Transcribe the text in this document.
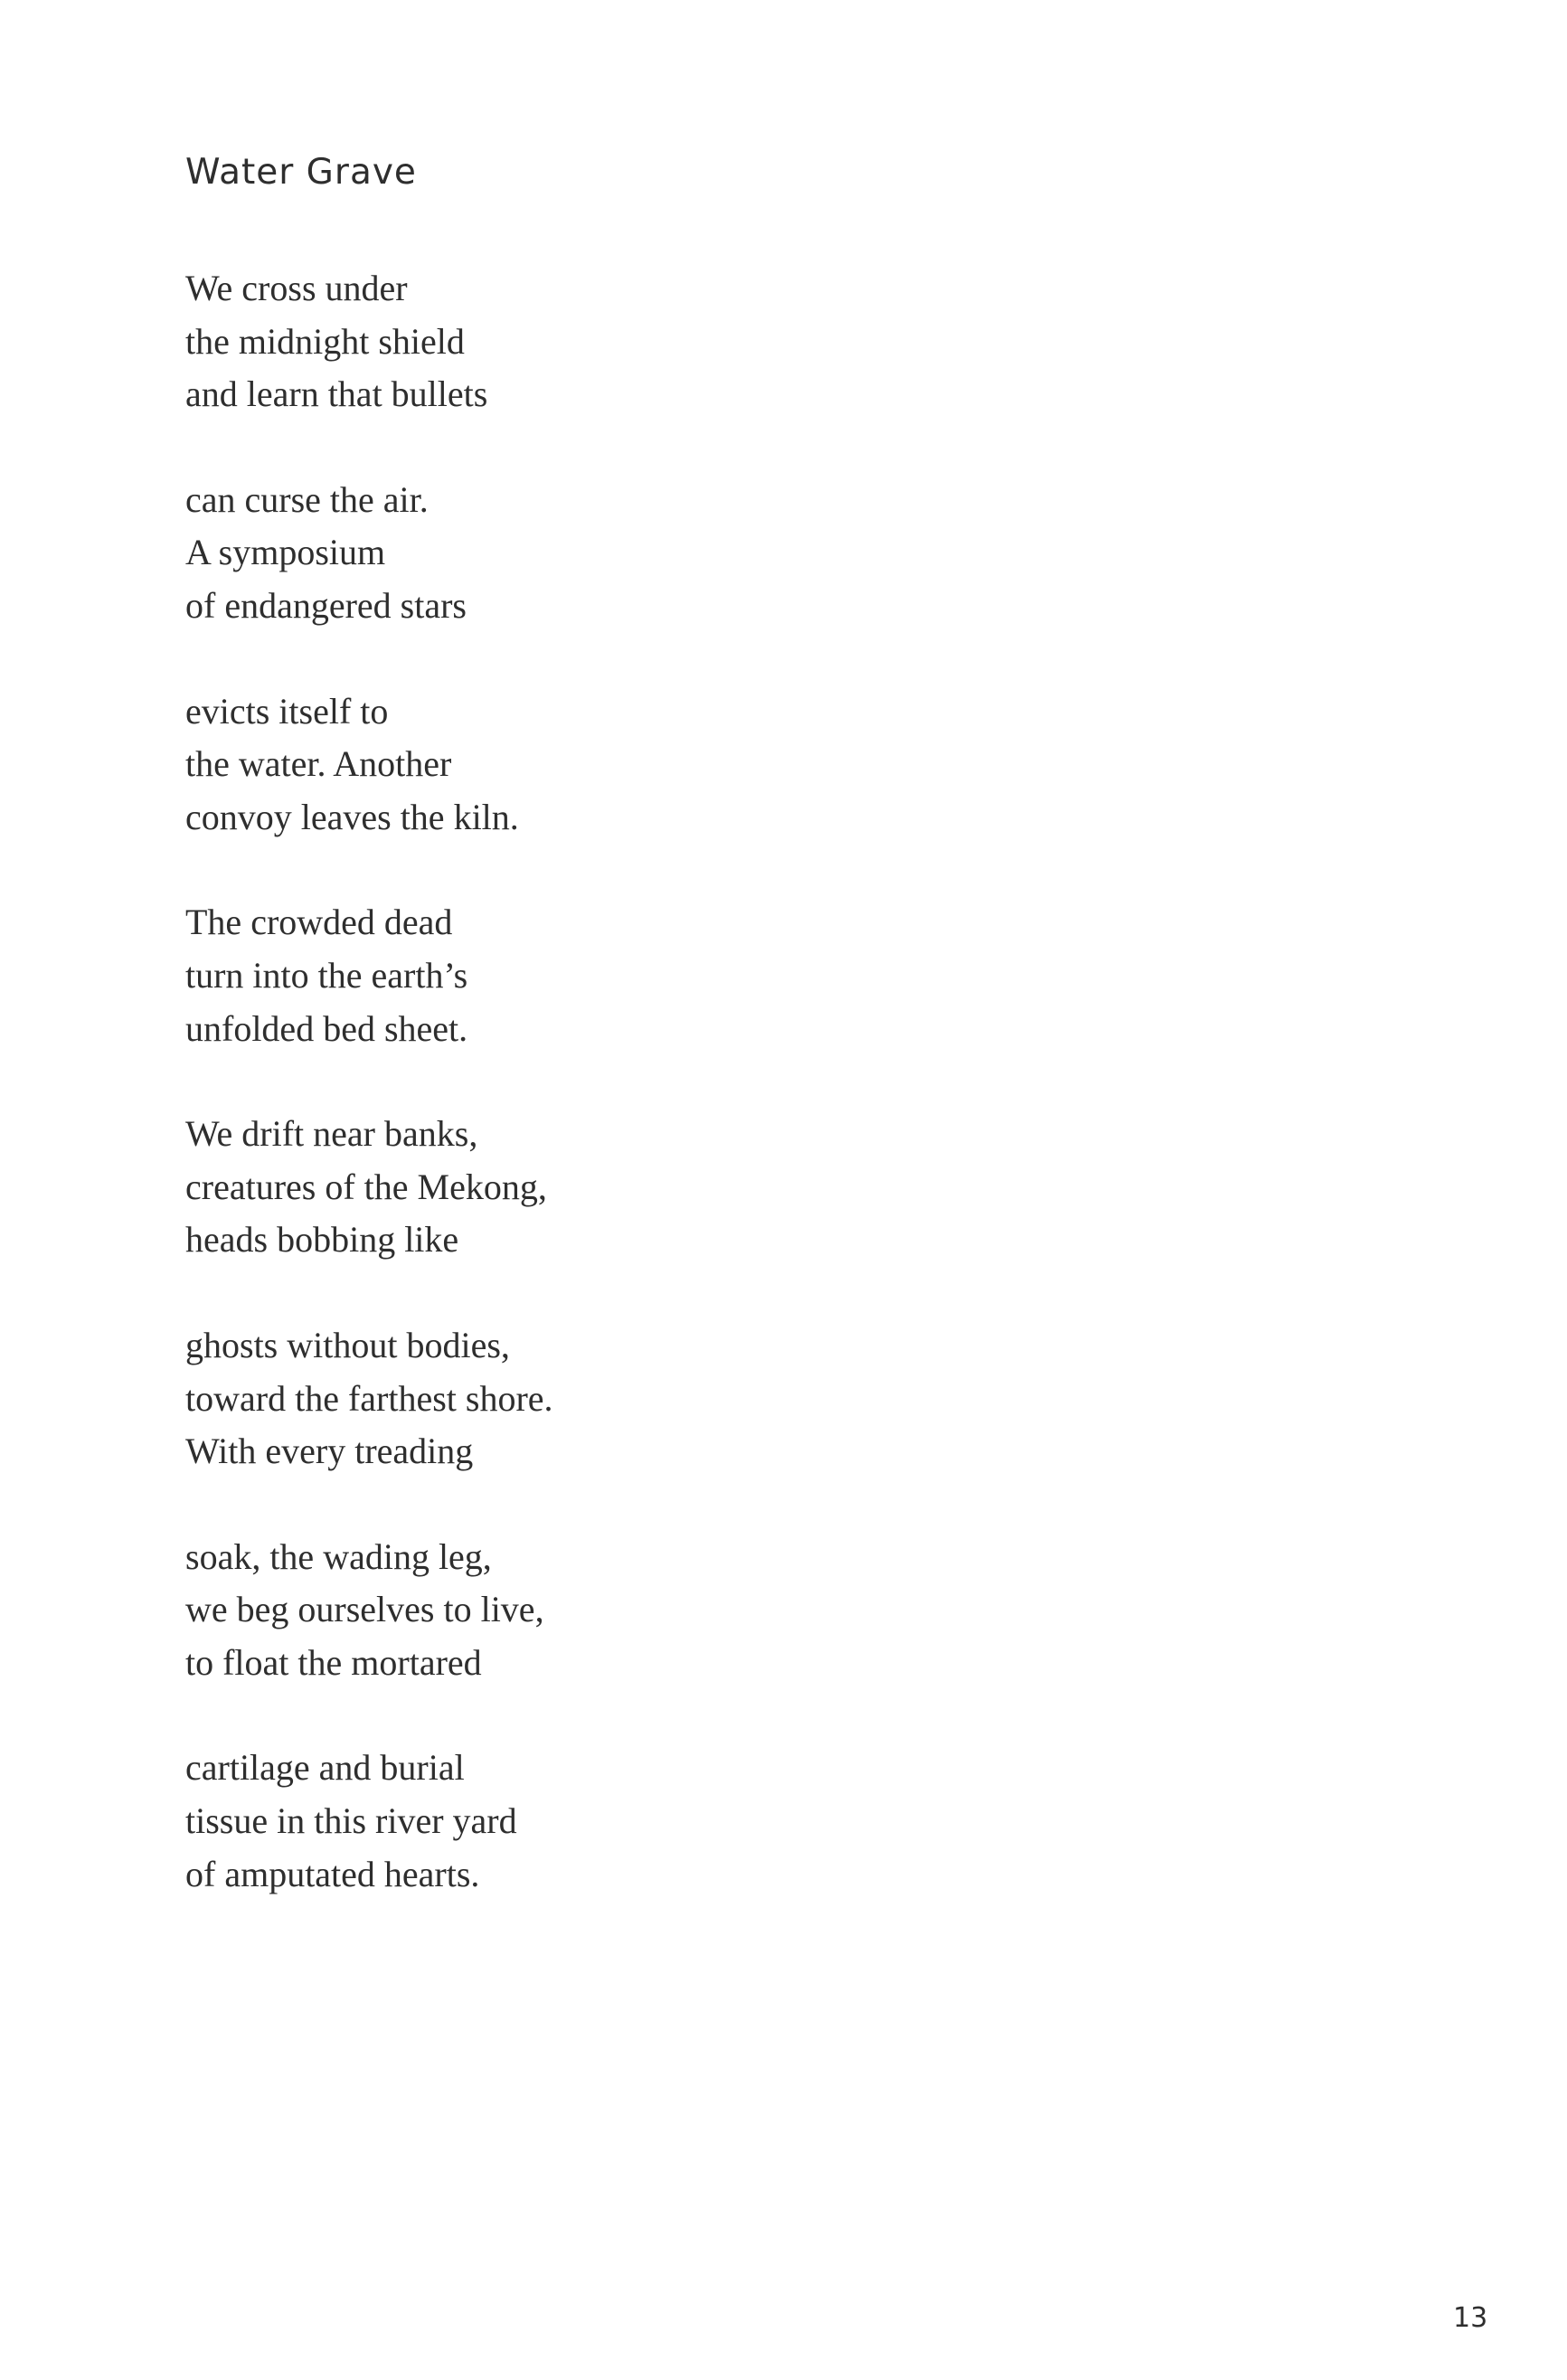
Water Grave
We cross under
the midnight shield
and learn that bullets
can curse the air.
A symposium
of endangered stars
evicts itself to
the water. Another
convoy leaves the kiln.
The crowded dead
turn into the earth’s
unfolded bed sheet.
We drift near banks,
creatures of the Mekong,
heads bobbing like
ghosts without bodies,
toward the farthest shore.
With every treading
soak, the wading leg,
we beg ourselves to live,
to float the mortared
cartilage and burial
tissue in this river yard
of amputated hearts.
13
